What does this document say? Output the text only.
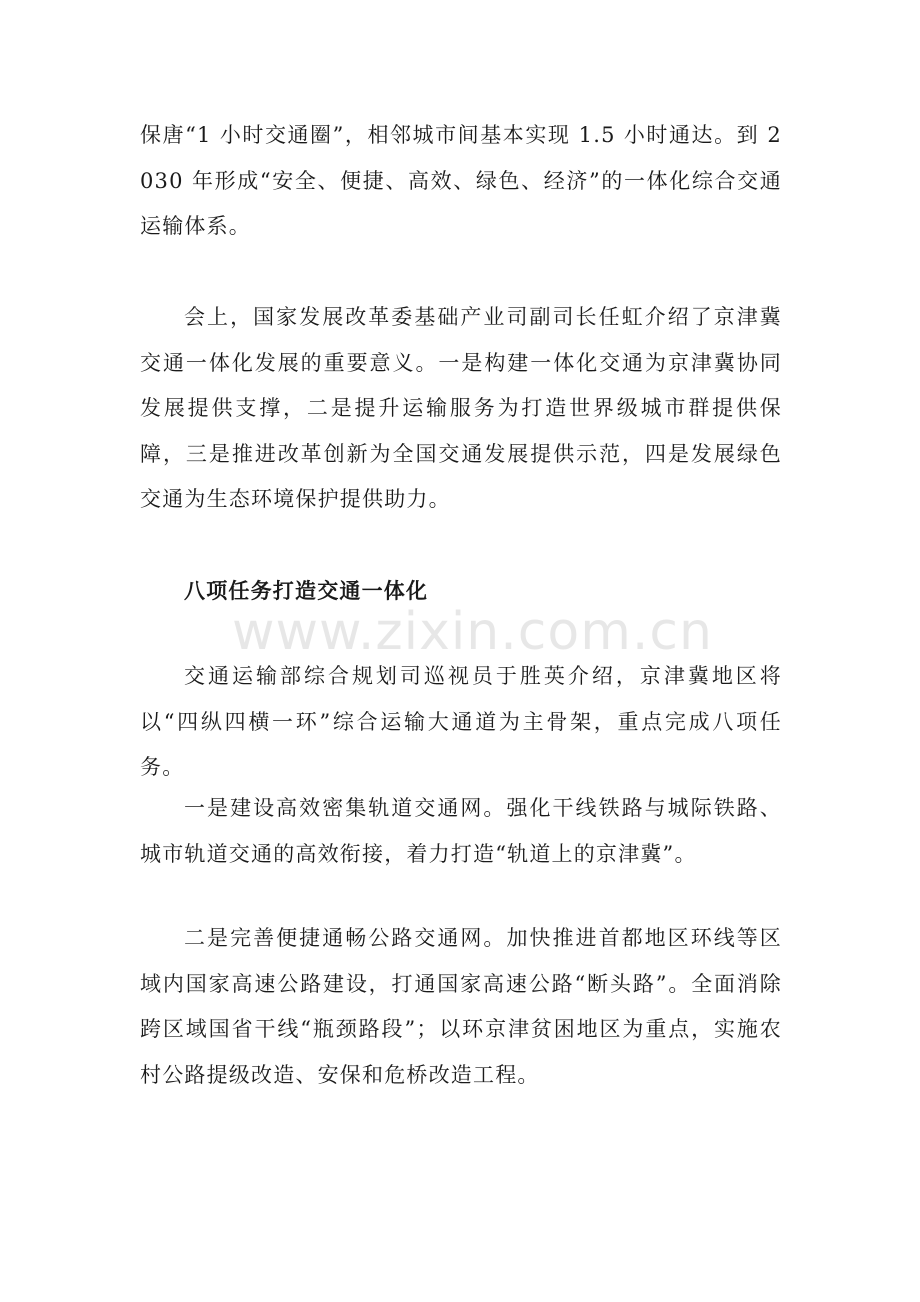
保唐“1 小时交通圈”，相邻城市间基本实现 1.5 小时通达。到 2030 年形成“安全、便捷、高效、绿色、经济”的一体化综合交通运输体系。

会上，国家发展改革委基础产业司副司长任虹介绍了京津冀交通一体化发展的重要意义。一是构建一体化交通为京津冀协同发展提供支撑，二是提升运输服务为打造世界级城市群提供保障，三是推进改革创新为全国交通发展提供示范，四是发展绿色交通为生态环境保护提供助力。

八项任务打造交通一体化

交通运输部综合规划司巡视员于胜英介绍，京津冀地区将以“四纵四横一环”综合运输大通道为主骨架，重点完成八项任务。

一是建设高效密集轨道交通网。强化干线铁路与城际铁路、城市轨道交通的高效衔接，着力打造“轨道上的京津冀”。

二是完善便捷通畅公路交通网。加快推进首都地区环线等区域内国家高速公路建设，打通国家高速公路“断头路”。全面消除跨区域国省干线“瓶颈路段”；以环京津贫困地区为重点，实施农村公路提级改造、安保和危桥改造工程。

www.zixin.com.cn
